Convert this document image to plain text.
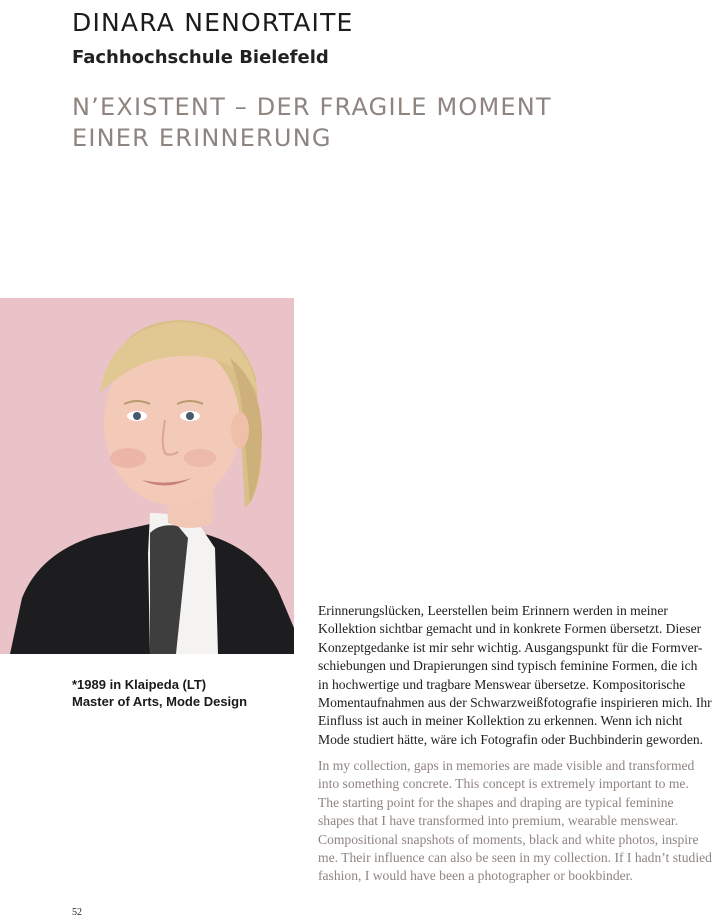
DINARA NENORTAITE
Fachhochschule Bielefeld
N’EXISTENT – DER FRAGILE MOMENT
EINER ERINNERUNG
*1989 in Klaipeda (LT)
Master of Arts, Mode Design

Erinnerungslücken, Leerstellen beim Erinnern werden in meiner
Kollektion sichtbar gemacht und in konkrete Formen übersetzt. Dieser
Konzeptgedanke ist mir sehr wichtig. Ausgangspunkt für die Formver-
schiebungen und Drapierungen sind typisch feminine Formen, die ich
in hochwertige und tragbare Menswear übersetze. Kompositorische
Momentaufnahmen aus der Schwarzweißfotografie inspirieren mich. Ihr
Einfluss ist auch in meiner Kollektion zu erkennen. Wenn ich nicht
Mode studiert hätte, wäre ich Fotografin oder Buchbinderin geworden.

In my collection, gaps in memories are made visible and transformed
into something concrete. This concept is extremely important to me.
The starting point for the shapes and draping are typical feminine
shapes that I have transformed into premium, wearable menswear.
Compositional snapshots of moments, black and white photos, inspire
me. Their influence can also be seen in my collection. If I hadn’t studied
fashion, I would have been a photographer or bookbinder.

52
